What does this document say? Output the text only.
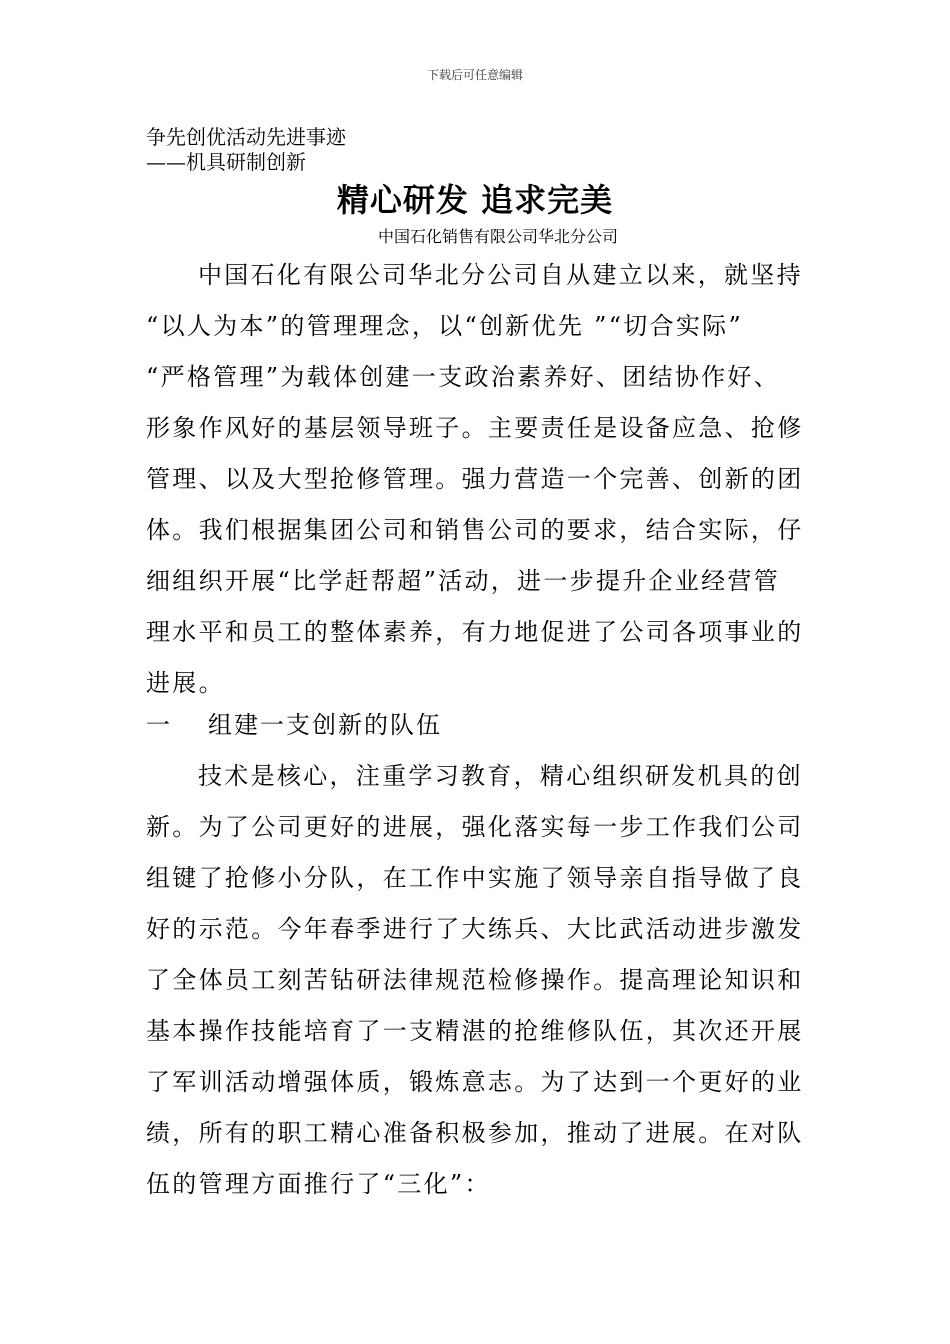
下载后可任意编辑
争先创优活动先进事迹
——机具研制创新
精心研发 追求完美
中国石化销售有限公司华北分公司
中国石化有限公司华北分公司自从建立以来，就坚持
“以人为本”的管理理念，以“创新优先 ”“切合实际”
“严格管理”为载体创建一支政治素养好、团结协作好、
形象作风好的基层领导班子。主要责任是设备应急、抢修
管理、以及大型抢修管理。强力营造一个完善、创新的团
体。我们根据集团公司和销售公司的要求，结合实际，仔
细组织开展“比学赶帮超”活动，进一步提升企业经营管
理水平和员工的整体素养，有力地促进了公司各项事业的
进展。
一 组建一支创新的队伍
技术是核心，注重学习教育，精心组织研发机具的创
新。为了公司更好的进展，强化落实每一步工作我们公司
组键了抢修小分队，在工作中实施了领导亲自指导做了良
好的示范。今年春季进行了大练兵、大比武活动进步激发
了全体员工刻苦钻研法律规范检修操作。提高理论知识和
基本操作技能培育了一支精湛的抢维修队伍，其次还开展
了军训活动增强体质，锻炼意志。为了达到一个更好的业
绩，所有的职工精心准备积极参加，推动了进展。在对队
伍的管理方面推行了“三化”：
